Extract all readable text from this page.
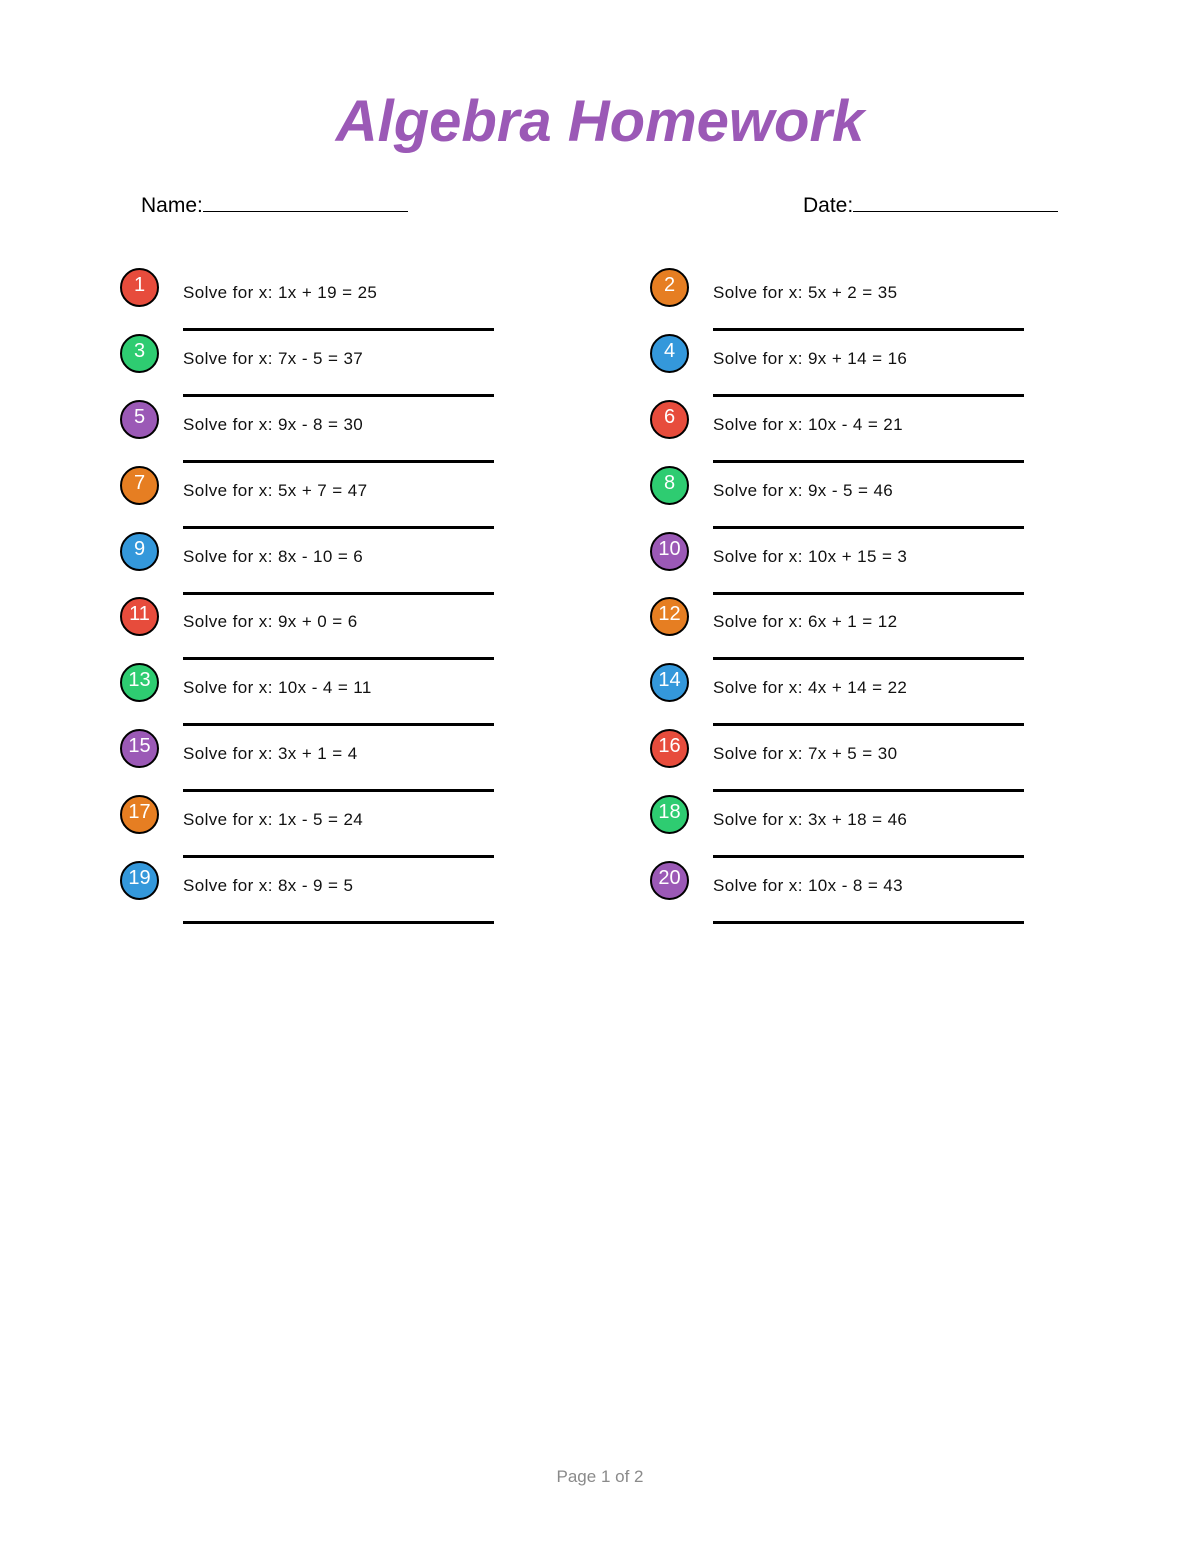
Algebra Homework
Name:	Date:
1	Solve for x: 1x + 19 = 25	2	Solve for x: 5x + 2 = 35
3	Solve for x: 7x - 5 = 37	4	Solve for x: 9x + 14 = 16
5	Solve for x: 9x - 8 = 30	6	Solve for x: 10x - 4 = 21
7	Solve for x: 5x + 7 = 47	8	Solve for x: 9x - 5 = 46
9	Solve for x: 8x - 10 = 6	10	Solve for x: 10x + 15 = 3
11	Solve for x: 9x + 0 = 6	12	Solve for x: 6x + 1 = 12
13	Solve for x: 10x - 4 = 11	14	Solve for x: 4x + 14 = 22
15	Solve for x: 3x + 1 = 4	16	Solve for x: 7x + 5 = 30
17	Solve for x: 1x - 5 = 24	18	Solve for x: 3x + 18 = 46
19	Solve for x: 8x - 9 = 5	20	Solve for x: 10x - 8 = 43
Page 1 of 2
